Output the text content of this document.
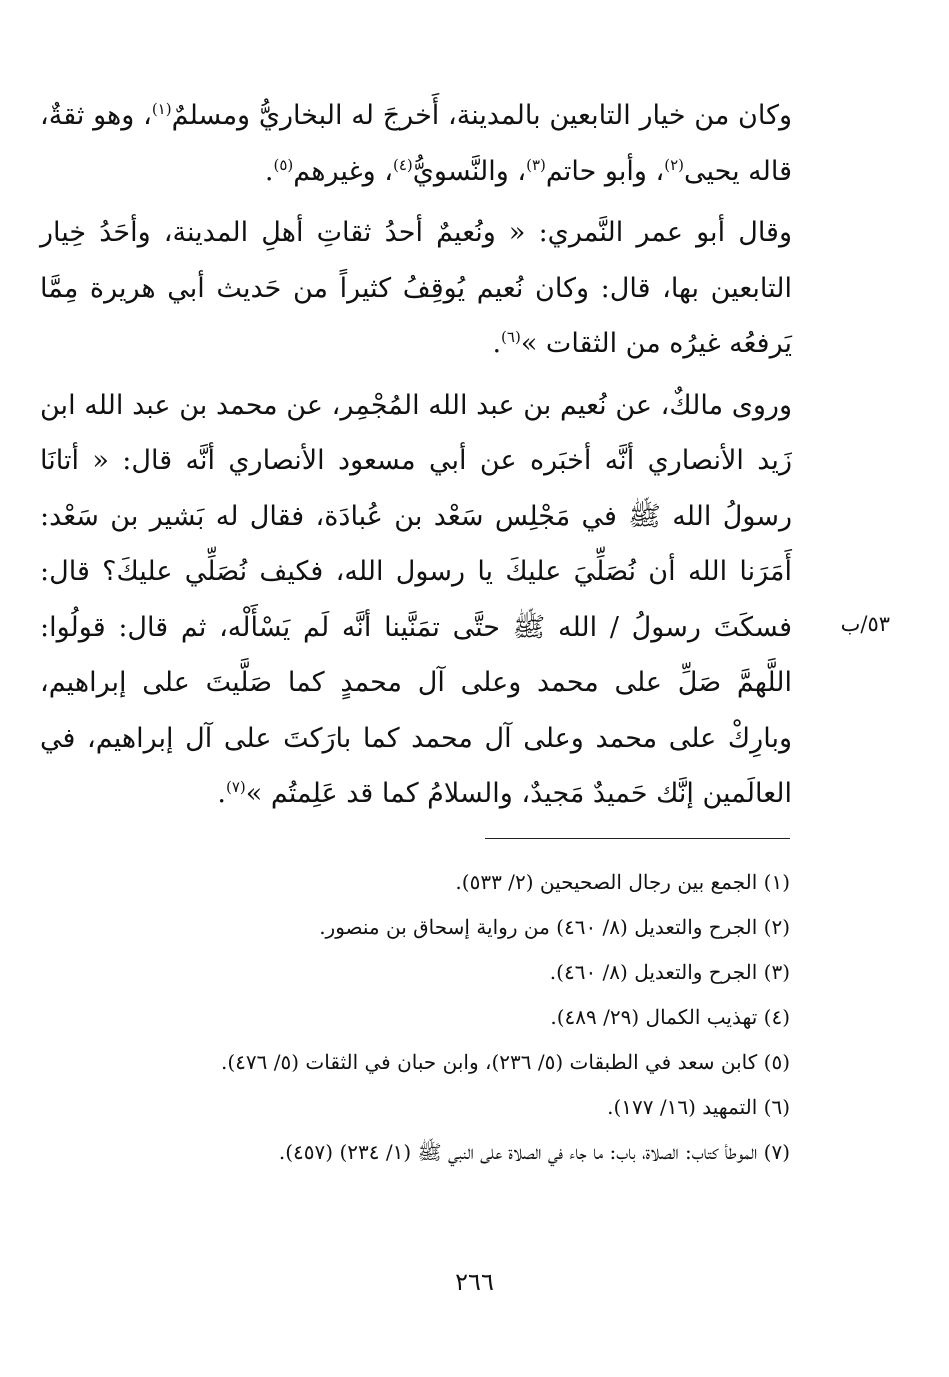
وكان من خيار التابعين بالمدينة، أَخرجَ له البخاريُّ ومسلمٌ$^{(١)}$، وهو ثقةٌ، قاله يحيى$^{(٢)}$، وأبو حاتم$^{(٣)}$، والنَّسويُّ$^{(٤)}$، وغيرهم$^{(٥)}$.

وقال أبو عمر النَّمري: « ونُعيمٌ أحدُ ثقاتِ أهلِ المدينة، وأحَدُ خِيار التابعين بها، قال: وكان نُعيم يُوقِفُ كثيراً من حَديث أبي هريرة مِمَّا يَرفعُه غيرُه من الثقات »$^{(٦)}$.

وروى مالكٌ، عن نُعيم بن عبد الله المُجْمِر، عن محمد بن عبد الله ابن زَيد الأنصاري أنَّه أخبَره عن أبي مسعود الأنصاري أنَّه قال: « أتانَا رسولُ الله ﷺ في مَجْلِس سَعْد بن عُبادَة، فقال له بَشير بن سَعْد: أَمَرَنا الله أن نُصَلِّيَ عليكَ يا رسول الله، فكيف نُصَلِّي عليكَ؟ قال: فسكَتَ رسولُ / الله ﷺ حتَّى تمَنَّينا أنَّه لَم يَسْأَلْه، ثم قال: قولُوا: اللَّهمَّ صَلِّ على محمد وعلى آل محمدٍ كما صَلَّيتَ على إبراهيم، وبارِكْ على محمد وعلى آل محمد كما بارَكتَ على آل إبراهيم، في العالَمين إنَّك حَميدٌ مَجيدٌ، والسلامُ كما قد عَلِمتُم »$^{(٧)}$.

٥٣/ب

(١) الجمع بين رجال الصحيحين (٢/ ٥٣٣).

(٢) الجرح والتعديل (٨/ ٤٦٠) من رواية إسحاق بن منصور.

(٣) الجرح والتعديل (٨/ ٤٦٠).

(٤) تهذيب الكمال (٢٩/ ٤٨٩).

(٥) كابن سعد في الطبقات (٥/ ٢٣٦)، وابن حبان في الثقات (٥/ ٤٧٦).

(٦) التمهيد (١٦/ ١٧٧).

(٧) الموطأ كتاب: الصلاة، باب: ما جاء في الصلاة على النبي ﷺ (١/ ٢٣٤) (٤٥٧).

٢٦٦
